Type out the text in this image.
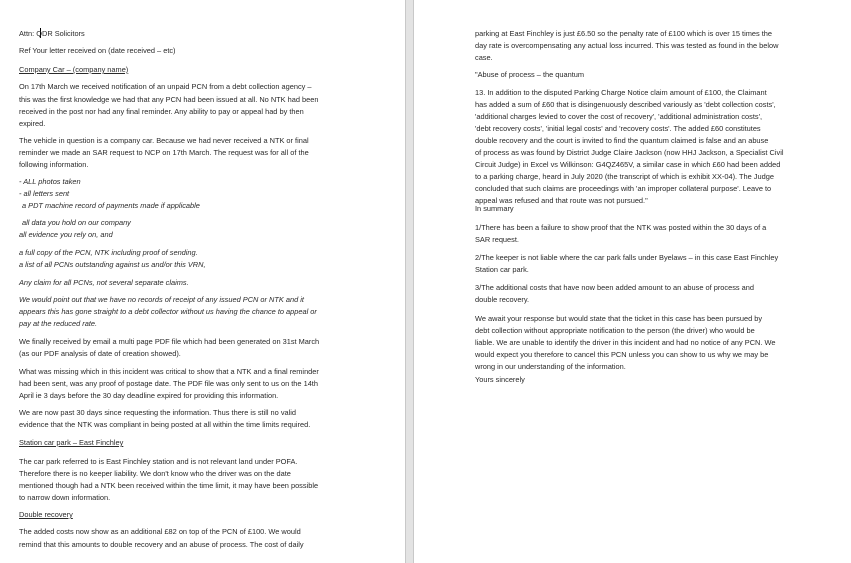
Attn: QDR Solicitors

Ref Your letter received on (date received – etc)

Company Car – (company name)

On 17th March we received notification of an unpaid PCN from a debt collection agency –

this was the first knowledge we had that any PCN had been issued at all. No NTK had been

received in the post nor had any final reminder. Any ability to pay or appeal had by then

expired.

The vehicle in question is a company car. Because we had never received a NTK or final

reminder we made an SAR request to NCP on 17th March. The request was for all of the

following information.

- ALL photos taken

- all letters sent

a PDT machine record of payments made if applicable

all data you hold on our company

all evidence you rely on, and

a full copy of the PCN, NTK including proof of sending.

a list of all PCNs outstanding against us and/or this VRN,

Any claim for all PCNs, not several separate claims.

We would point out that we have no records of receipt of any issued PCN or NTK and it

appears this has gone straight to a debt collector without us having the chance to appeal or

pay at the reduced rate.

We finally received by email a multi page PDF file which had been generated on 31st March

(as our PDF analysis of date of creation showed).

What was missing which in this incident was critical to show that a NTK and a final reminder

had been sent, was any proof of postage date. The PDF file was only sent to us on the 14th

April ie 3 days before the 30 day deadline expired for providing this information.

We are now past 30 days since requesting the information. Thus there is still no valid

evidence that the NTK was compliant in being posted at all within the time limits required.

Station car park – East Finchley

The car park referred to is East Finchley station and is not relevant land under POFA.

Therefore there is no keeper liability. We don't know who the driver was on the date

mentioned though had a NTK been received within the time limit, it may have been possible

to narrow down information.

Double recovery

The added costs now show as an additional £82 on top of the PCN of £100. We would

remind that this amounts to double recovery and an abuse of process. The cost of daily

parking at East Finchley is just £6.50 so the penalty rate of £100 which is over 15 times the

day rate is overcompensating any actual loss incurred. This was tested as found in the below

case.

"Abuse of process – the quantum

13. In addition to the disputed Parking Charge Notice claim amount of £100, the Claimant

has added a sum of £60 that is disingenuously described variously as 'debt collection costs',

'additional charges levied to cover the cost of recovery', 'additional administration costs',

'debt recovery costs', 'initial legal costs' and 'recovery costs'. The added £60 constitutes

double recovery and the court is invited to find the quantum claimed is false and an abuse

of process as was found by District Judge Claire Jackson (now HHJ Jackson, a Specialist Civil

Circuit Judge) in Excel vs Wilkinson: G4QZ465V, a similar case in which £60 had been added

to a parking charge, heard in July 2020 (the transcript of which is exhibit XX-04). The Judge

concluded that such claims are proceedings with 'an improper collateral purpose'. Leave to

appeal was refused and that route was not pursued."

In summary

1/There has been a failure to show proof that the NTK was posted within the 30 days of a

SAR request.

2/The keeper is not liable where the car park falls under Byelaws – in this case East Finchley

Station car park.

3/The additional costs that have now been added amount to an abuse of process and

double recovery.

We await your response but would state that the ticket in this case has been pursued by

debt collection without appropriate notification to the person (the driver) who would be

liable. We are unable to identify the driver in this incident and had no notice of any PCN. We

would expect you therefore to cancel this PCN unless you can show to us why we may be

wrong in our understanding of the information.

Yours sincerely
